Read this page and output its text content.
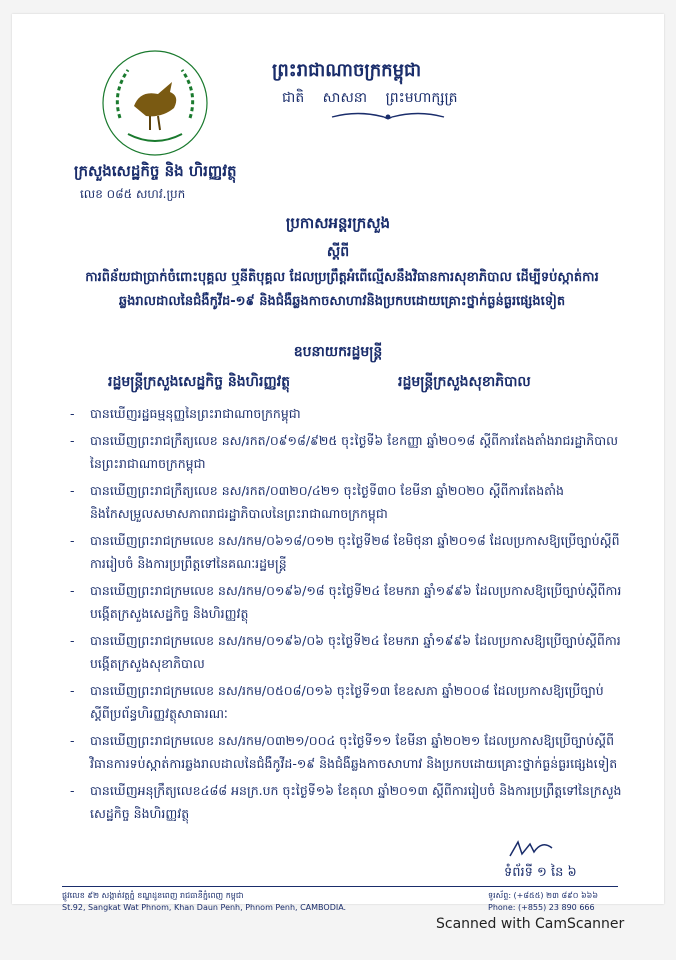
ក្រសួងសេដ្ឋកិច្ច និង ហិរញ្ញវត្ថុ
លេខ ០៨៥ សហវ.ប្រក
ព្រះរាជាណាចក្រកម្ពុជា
ជាតិ សាសនា ព្រះមហាក្សត្រ
ប្រកាសអន្តរក្រសួង
ស្តីពី
ការពិន័យជាប្រាក់ចំពោះបុគ្គល ឬនីតិបុគ្គល ដែលប្រព្រឹត្តអំពើល្មើសនឹងវិធានការសុខាភិបាល ដើម្បីទប់ស្កាត់ការឆ្លងរាលដាលនៃជំងឺកូវីដ-១៩ និងជំងឺឆ្លងកាចសាហាវនិងប្រកបដោយគ្រោះថ្នាក់ធ្ងន់ធ្ងរផ្សេងទៀត
ឧបនាយករដ្ឋមន្ត្រី
រដ្ឋមន្ត្រីក្រសួងសេដ្ឋកិច្ច និងហិរញ្ញវត្ថុ	រដ្ឋមន្ត្រីក្រសួងសុខាភិបាល
- បានឃើញរដ្ឋធម្មនុញ្ញនៃព្រះរាជាណាចក្រកម្ពុជា
- បានឃើញព្រះរាជក្រឹត្យលេខ នស/រកត/០៩១៨/៩២៥ ចុះថ្ងៃទី៦ ខែកញ្ញា ឆ្នាំ២០១៨ ស្តីពីការតែងតាំងរាជរដ្ឋាភិបាលនៃព្រះរាជាណាចក្រកម្ពុជា
- បានឃើញព្រះរាជក្រឹត្យលេខ នស/រកត/០៣២០/៤២១ ចុះថ្ងៃទី៣០ ខែមីនា ឆ្នាំ២០២០ ស្តីពីការតែងតាំងនិងកែសម្រួលសមាសភាពរាជរដ្ឋាភិបាលនៃព្រះរាជាណាចក្រកម្ពុជា
- បានឃើញព្រះរាជក្រមលេខ នស/រកម/០៦១៨/០១២ ចុះថ្ងៃទី២៨ ខែមិថុនា ឆ្នាំ២០១៨ ដែលប្រកាសឱ្យប្រើច្បាប់ស្តីពីការរៀបចំ និងការប្រព្រឹត្តទៅនៃគណៈរដ្ឋមន្ត្រី
- បានឃើញព្រះរាជក្រមលេខ នស/រកម/០១៩៦/១៨ ចុះថ្ងៃទី២៤ ខែមករា ឆ្នាំ១៩៩៦ ដែលប្រកាសឱ្យប្រើច្បាប់ស្តីពីការបង្កើតក្រសួងសេដ្ឋកិច្ច និងហិរញ្ញវត្ថុ
- បានឃើញព្រះរាជក្រមលេខ នស/រកម/០១៩៦/០៦ ចុះថ្ងៃទី២៤ ខែមករា ឆ្នាំ១៩៩៦ ដែលប្រកាសឱ្យប្រើច្បាប់ស្តីពីការបង្កើតក្រសួងសុខាភិបាល
- បានឃើញព្រះរាជក្រមលេខ នស/រកម/០៥០៨/០១៦ ចុះថ្ងៃទី១៣ ខែឧសភា ឆ្នាំ២០០៨ ដែលប្រកាសឱ្យប្រើច្បាប់ស្តីពីប្រព័ន្ធហិរញ្ញវត្ថុសាធារណៈ
- បានឃើញព្រះរាជក្រមលេខ នស/រកម/០៣២១/០០៤ ចុះថ្ងៃទី១១ ខែមីនា ឆ្នាំ២០២១ ដែលប្រកាសឱ្យប្រើច្បាប់ស្តីពីវិធានការទប់ស្កាត់ការឆ្លងរាលដាលនៃជំងឺកូវីដ-១៩ និងជំងឺឆ្លងកាចសាហាវ និងប្រកបដោយគ្រោះថ្នាក់ធ្ងន់ធ្ងរផ្សេងទៀត
- បានឃើញអនុក្រឹត្យលេខ៤៨៨ អនក្រ.បក ចុះថ្ងៃទី១៦ ខែតុលា ឆ្នាំ២០១៣ ស្តីពីការរៀបចំ និងការប្រព្រឹត្តទៅនៃក្រសួងសេដ្ឋកិច្ច និងហិរញ្ញវត្ថុ
ទំព័រទី ១ នៃ ៦
ផ្លូវលេខ ៩២ សង្កាត់វត្តភ្នំ ខណ្ឌដូនពេញ រាជធានីភ្នំពេញ កម្ពុជា
St.92, Sangkat Wat Phnom, Khan Daun Penh, Phnom Penh, CAMBODIA.
ទូរស័ព្ទ: (+៨៥៥) ២៣ ៨៩០ ៦៦៦
Phone: (+855) 23 890 666
Scanned with CamScanner
